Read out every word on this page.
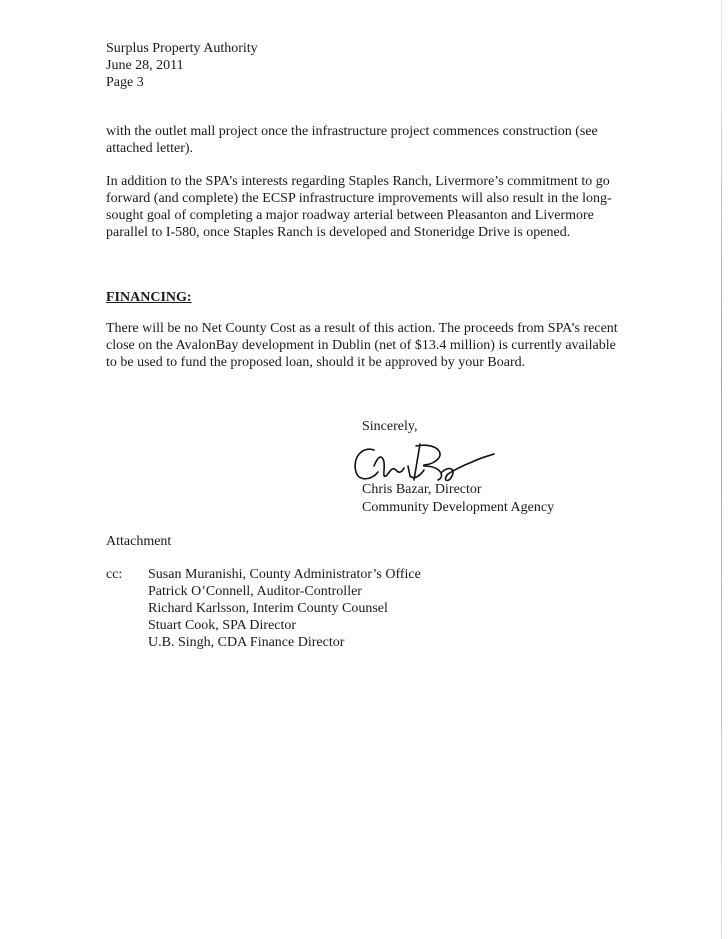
Surplus Property Authority
June 28, 2011
Page 3
with the outlet mall project once the infrastructure project commences construction (see attached letter).
In addition to the SPA’s interests regarding Staples Ranch, Livermore’s commitment to go forward (and complete) the ECSP infrastructure improvements will also result in the long-sought goal of completing a major roadway arterial between Pleasanton and Livermore parallel to I-580, once Staples Ranch is developed and Stoneridge Drive is opened.
FINANCING:
There will be no Net County Cost as a result of this action. The proceeds from SPA’s recent close on the AvalonBay development in Dublin (net of $13.4 million) is currently available to be used to fund the proposed loan, should it be approved by your Board.
Sincerely,
Chris Bazar, Director
Community Development Agency
Attachment
cc: Susan Muranishi, County Administrator’s Office
Patrick O’Connell, Auditor-Controller
Richard Karlsson, Interim County Counsel
Stuart Cook, SPA Director
U.B. Singh, CDA Finance Director
